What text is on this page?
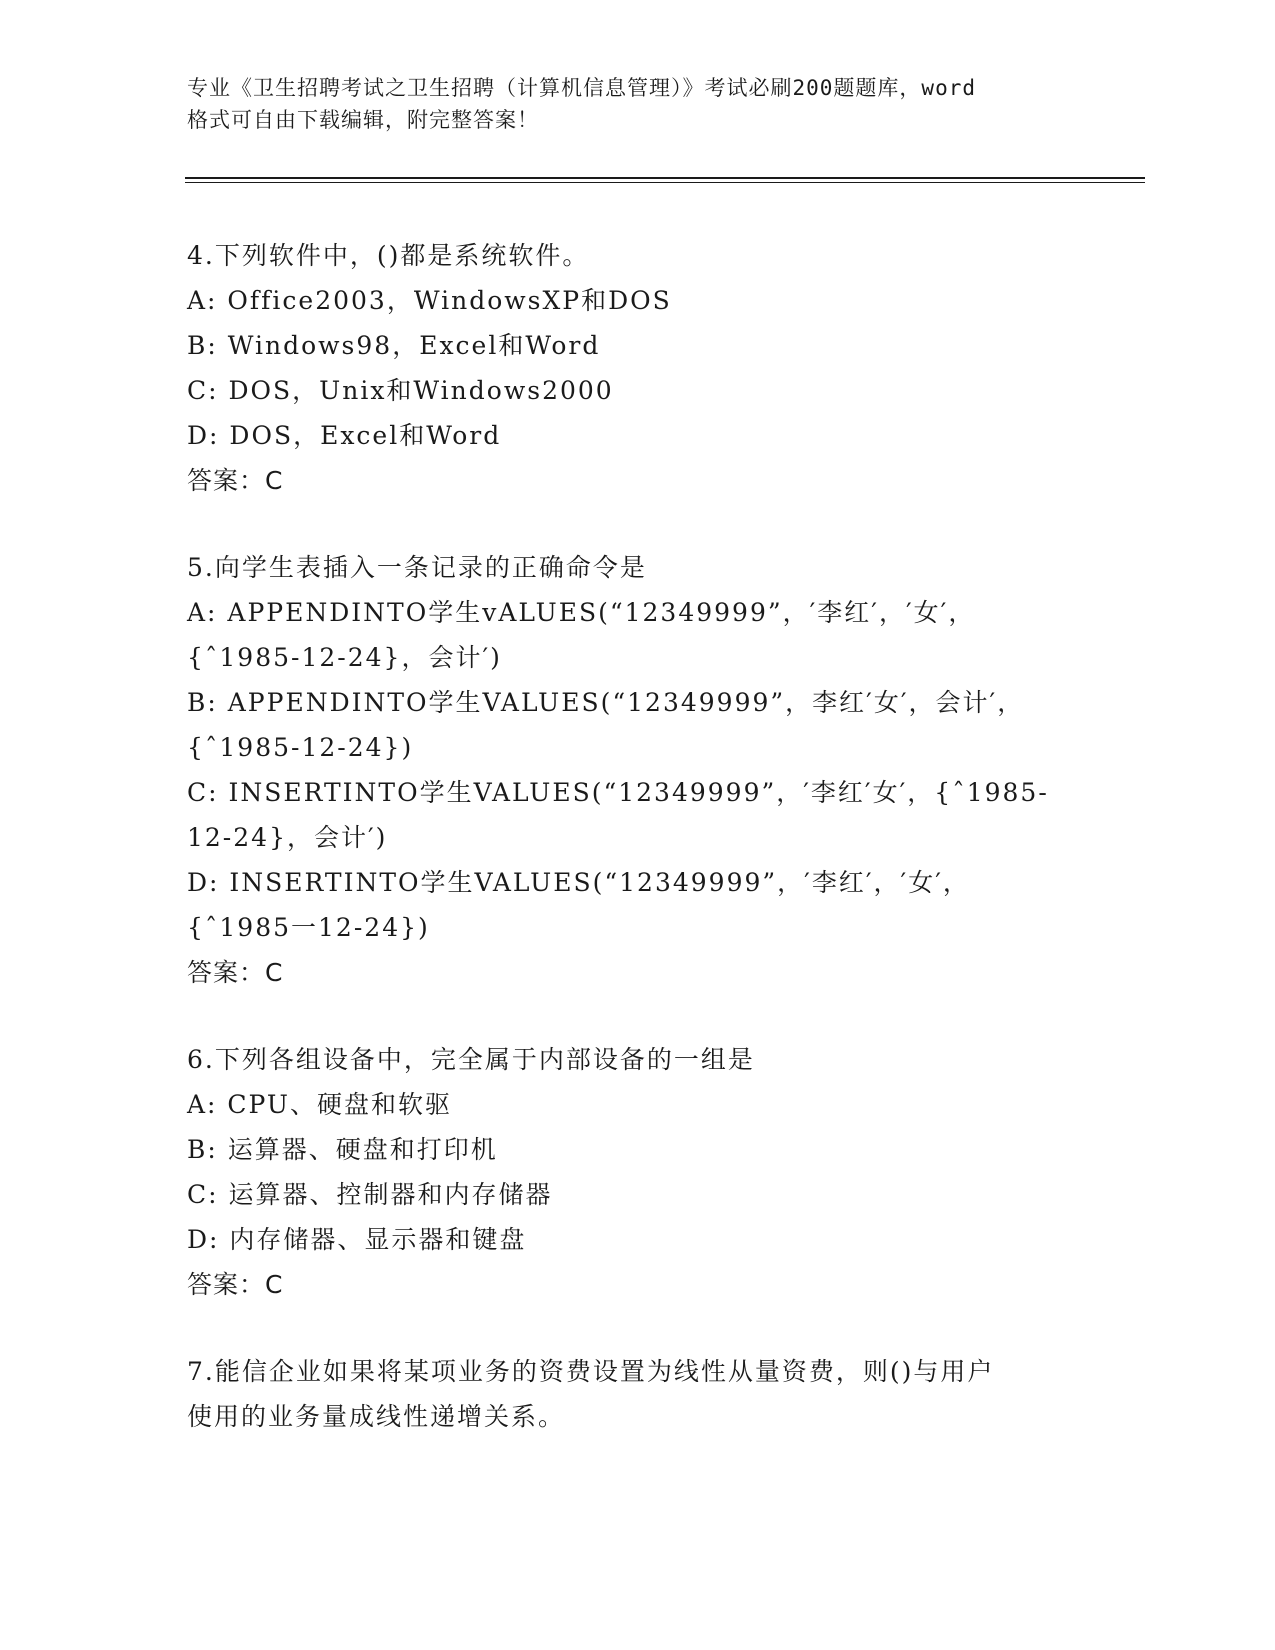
专业《卫生招聘考试之卫生招聘（计算机信息管理）》考试必刷200题题库，word
格式可自由下载编辑，附完整答案！
4.下列软件中，()都是系统软件。
A: Office2003，WindowsXP和DOS
B: Windows98，Excel和Word
C: DOS，Unix和Windows2000
D: DOS，Excel和Word
答案：C
5.向学生表插入一条记录的正确命令是
A: APPENDINTO学生vALUES(“12349999”，′李红′，′女′，
{ˆ1985-12-24}，会计′)
B: APPENDINTO学生VALUES(“12349999”，李红′女′，会计′，
{ˆ1985-12-24})
C: INSERTINTO学生VALUES(“12349999”，′李红′女′，{ˆ1985-
12-24}，会计′)
D: INSERTINTO学生VALUES(“12349999”，′李红′，′女′，
{ˆ1985一12-24})
答案：C
6.下列各组设备中，完全属于内部设备的一组是
A: CPU、硬盘和软驱
B: 运算器、硬盘和打印机
C: 运算器、控制器和内存储器
D: 内存储器、显示器和键盘
答案：C
7.能信企业如果将某项业务的资费设置为线性从量资费，则()与用户
使用的业务量成线性递增关系。
